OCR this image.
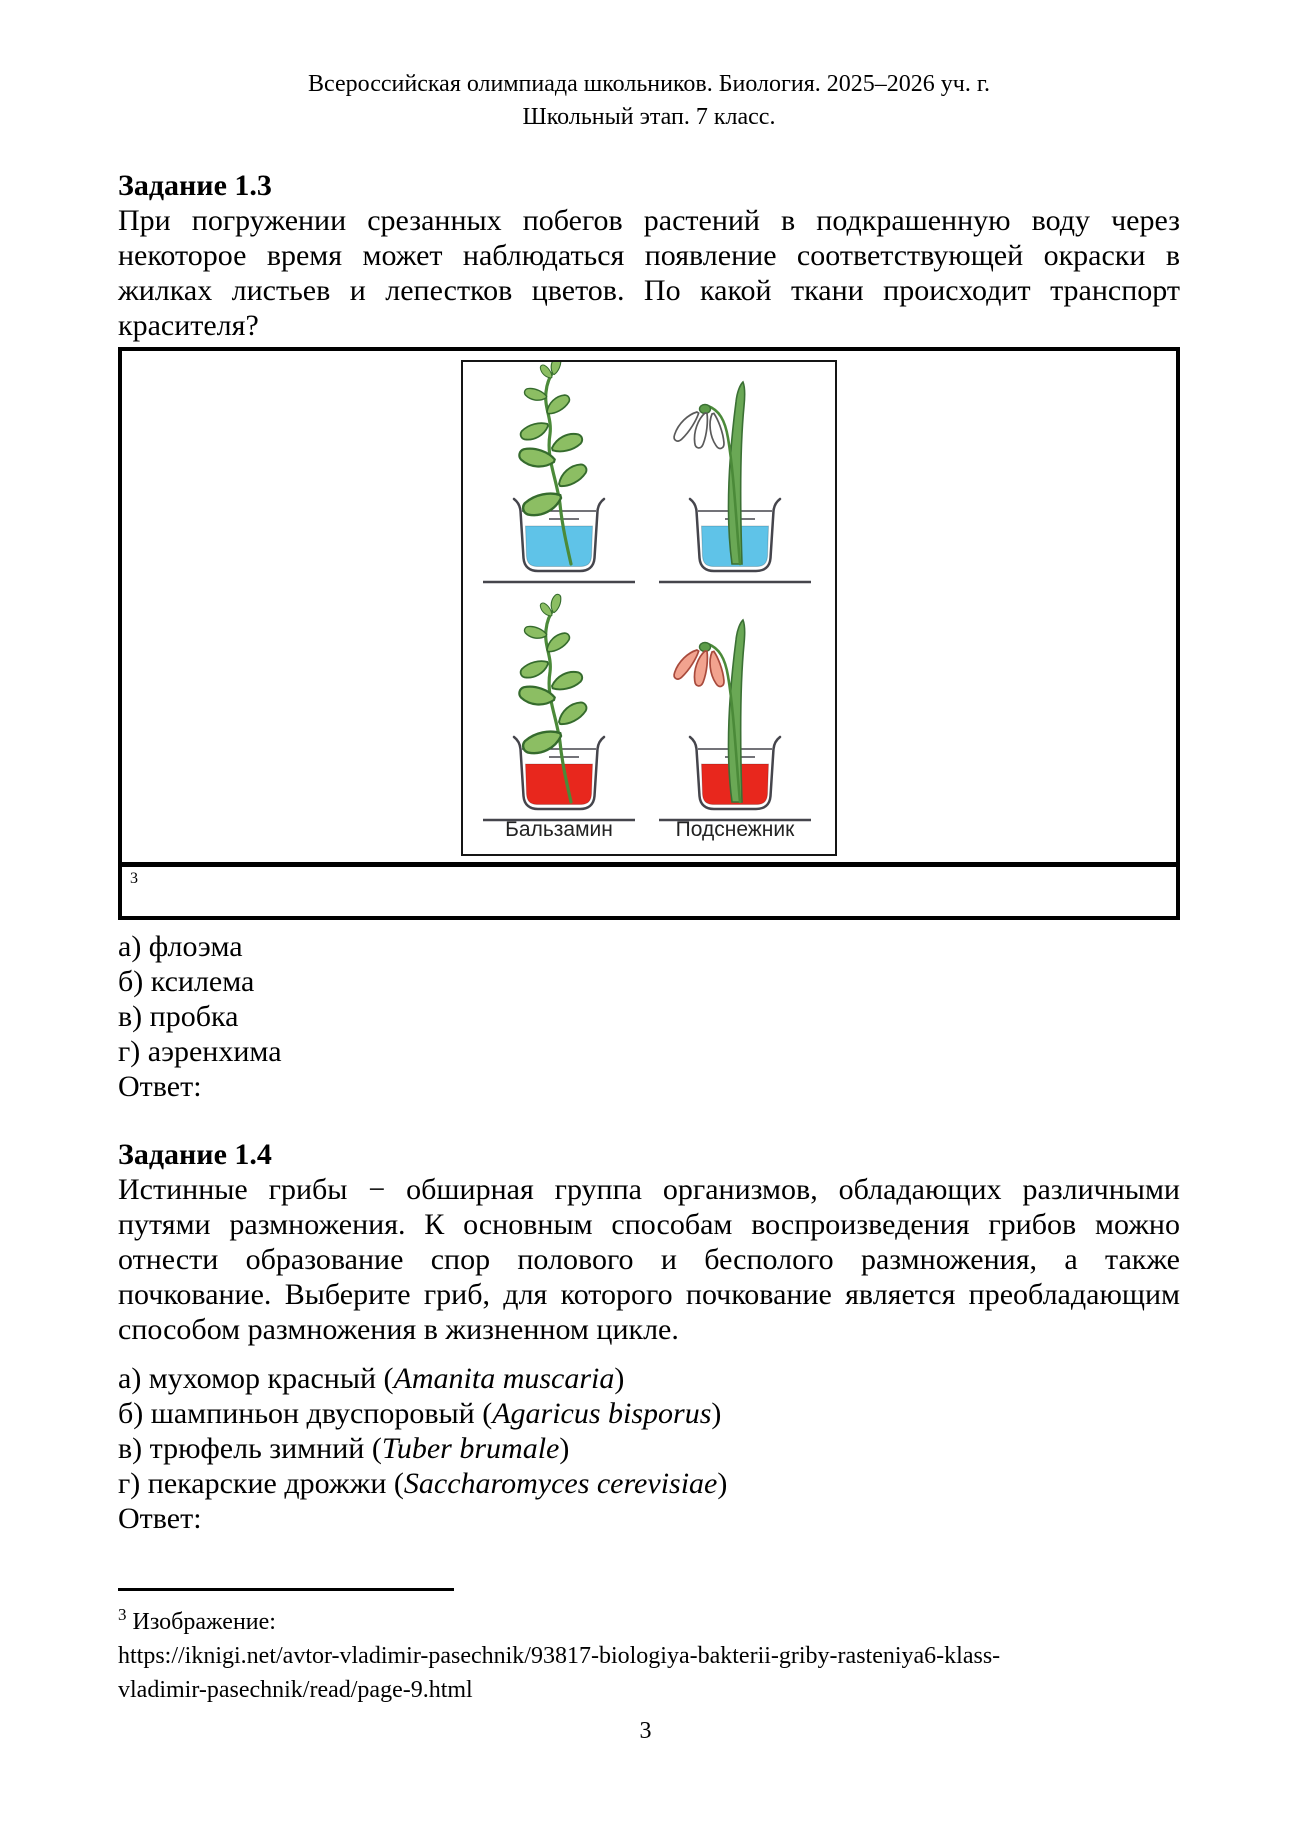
Всероссийская олимпиада школьников. Биология. 2025–2026 уч. г.
Школьный этап. 7 класс.
Задание 1.3
При погружении срезанных побегов растений в подкрашенную воду через некоторое время может наблюдаться появление соответствующей окраски в жилках листьев и лепестков цветов. По какой ткани происходит транспорт красителя?
Бальзамин	Подснежник
3
а) флоэма
б) ксилема
в) пробка
г) аэренхима
Ответ:
Задание 1.4
Истинные грибы − обширная группа организмов, обладающих различными путями размножения. К основным способам воспроизведения грибов можно отнести образование спор полового и бесполого размножения, а также почкование. Выберите гриб, для которого почкование является преобладающим способом размножения в жизненном цикле.
а) мухомор красный (Amanita muscaria)
б) шампиньон двуспоровый (Agaricus bisporus)
в) трюфель зимний (Tuber brumale)
г) пекарские дрожжи (Saccharomyces cerevisiae)
Ответ:
$^3$ Изображение:
https://iknigi.net/avtor-vladimir-pasechnik/93817-biologiya-bakterii-griby-rasteniya6-klass-
vladimir-pasechnik/read/page-9.html
3
